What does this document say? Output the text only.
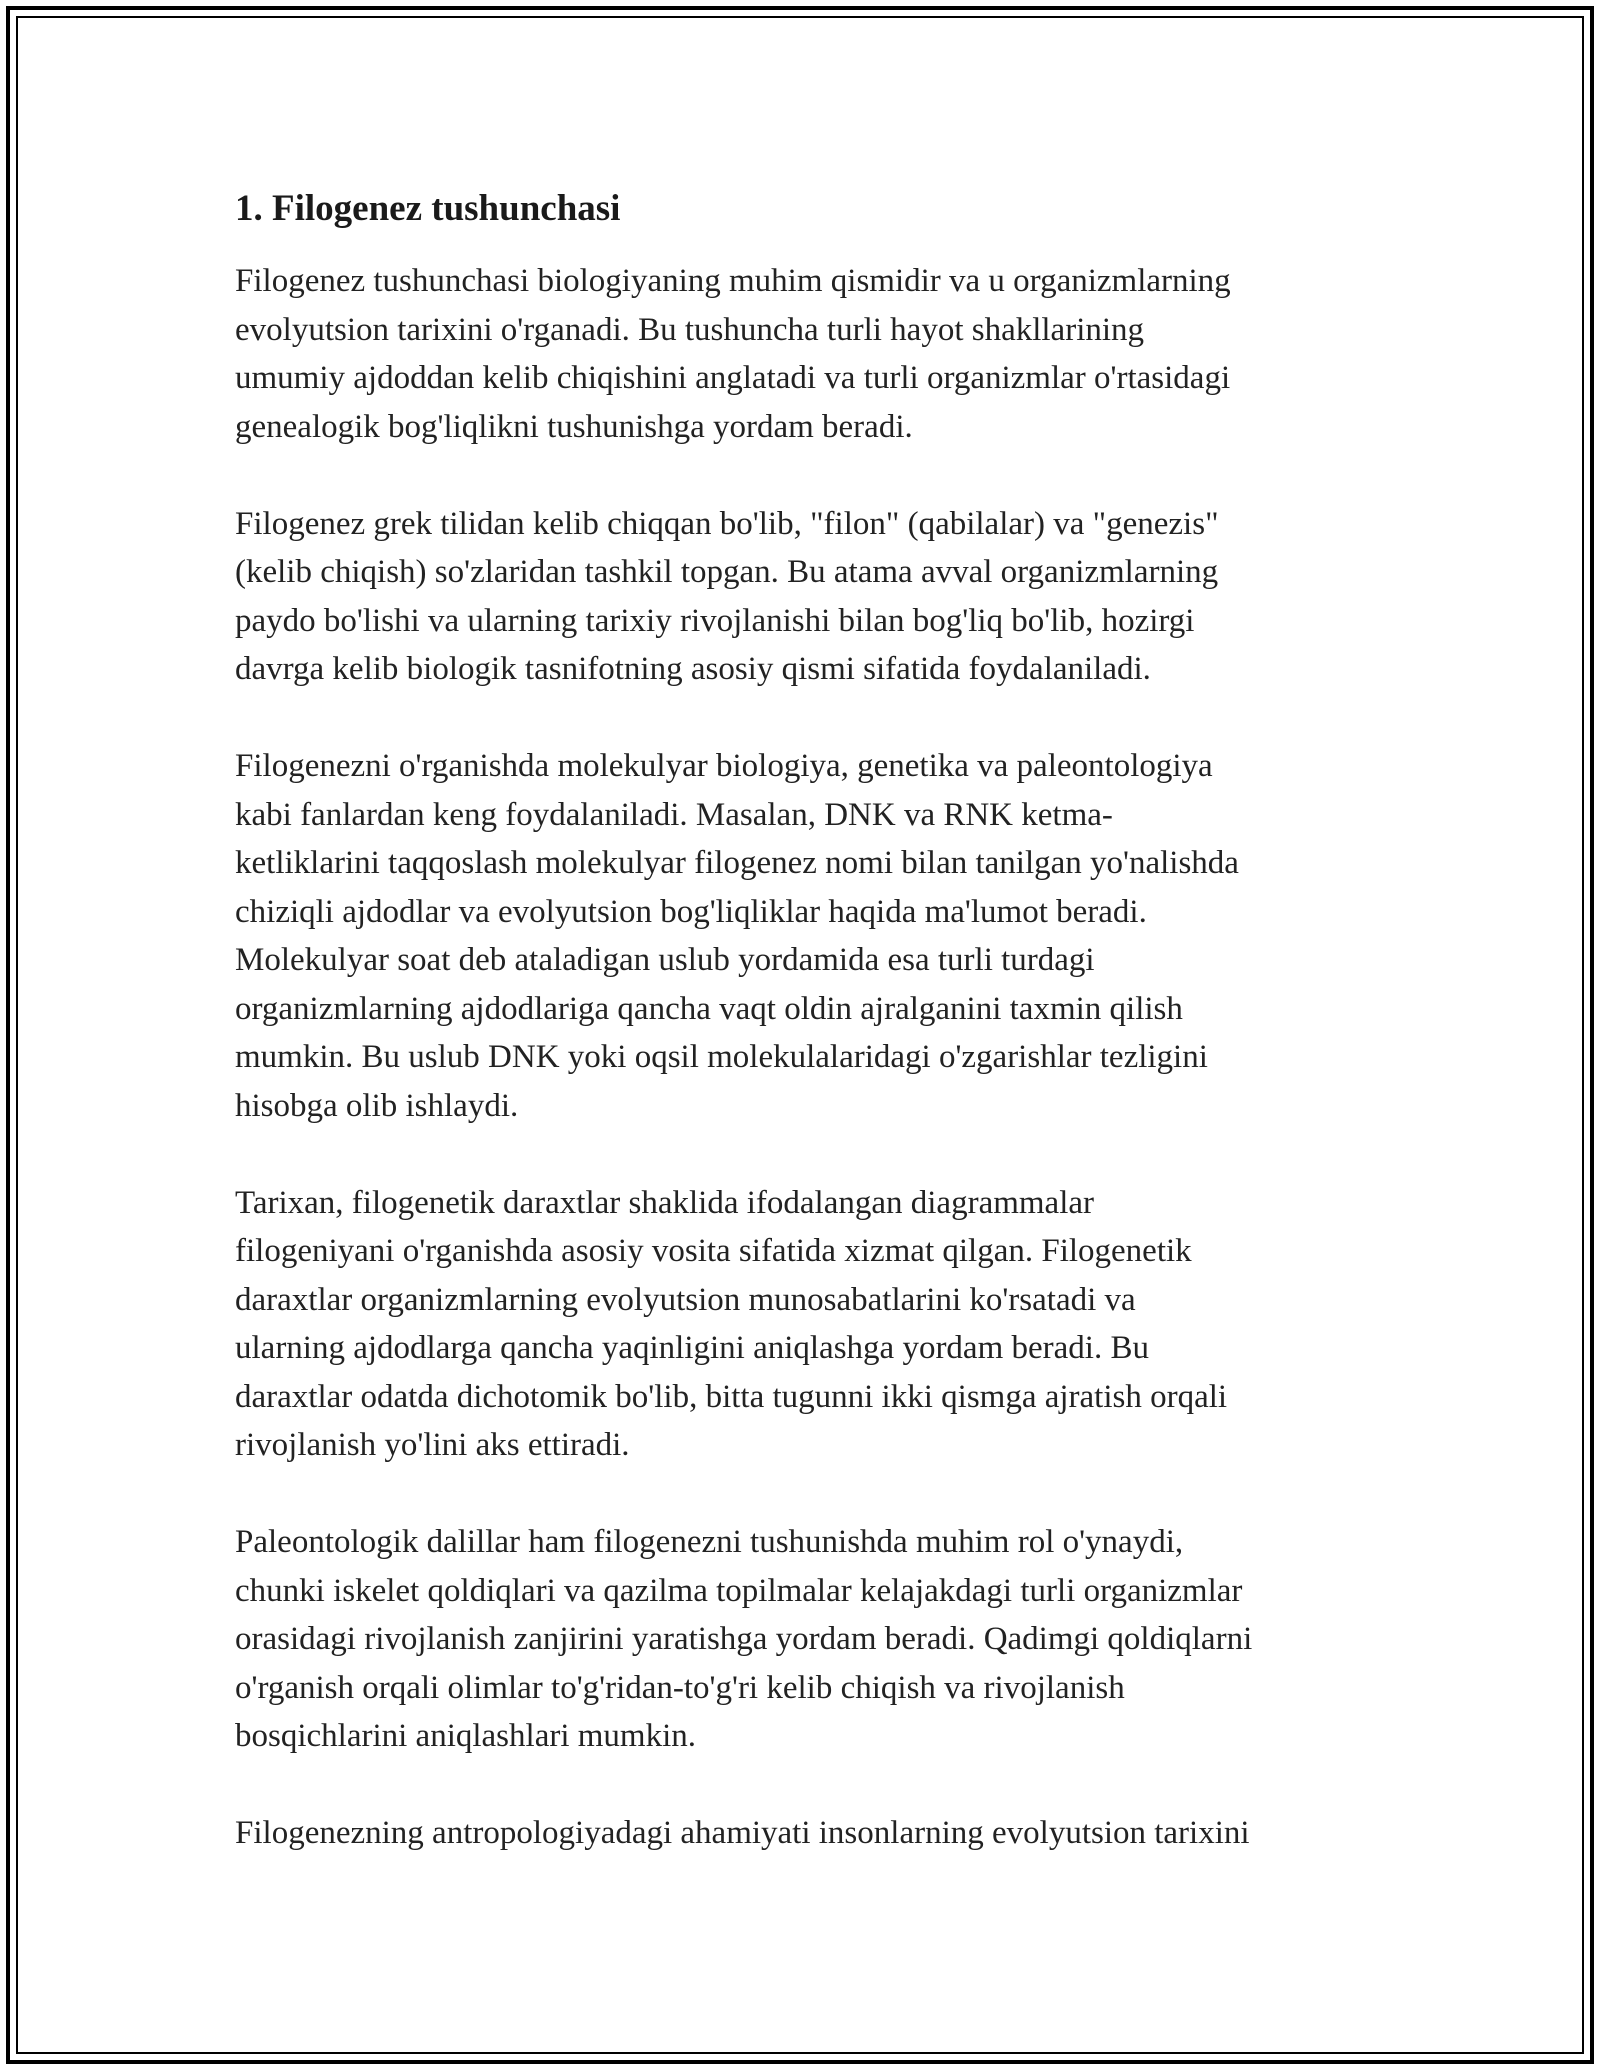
1. Filogenez tushunchasi

Filogenez tushunchasi biologiyaning muhim qismidir va u organizmlarning
evolyutsion tarixini o'rganadi. Bu tushuncha turli hayot shakllarining
umumiy ajdoddan kelib chiqishini anglatadi va turli organizmlar o'rtasidagi
genealogik bog'liqlikni tushunishga yordam beradi.

Filogenez grek tilidan kelib chiqqan bo'lib, "filon" (qabilalar) va "genezis"
(kelib chiqish) so'zlaridan tashkil topgan. Bu atama avval organizmlarning
paydo bo'lishi va ularning tarixiy rivojlanishi bilan bog'liq bo'lib, hozirgi
davrga kelib biologik tasnifotning asosiy qismi sifatida foydalaniladi.

Filogenezni o'rganishda molekulyar biologiya, genetika va paleontologiya
kabi fanlardan keng foydalaniladi. Masalan, DNK va RNK ketma-
ketliklarini taqqoslash molekulyar filogenez nomi bilan tanilgan yo'nalishda
chiziqli ajdodlar va evolyutsion bog'liqliklar haqida ma'lumot beradi.
Molekulyar soat deb ataladigan uslub yordamida esa turli turdagi
organizmlarning ajdodlariga qancha vaqt oldin ajralganini taxmin qilish
mumkin. Bu uslub DNK yoki oqsil molekulalaridagi o'zgarishlar tezligini
hisobga olib ishlaydi.

Tarixan, filogenetik daraxtlar shaklida ifodalangan diagrammalar
filogeniyani o'rganishda asosiy vosita sifatida xizmat qilgan. Filogenetik
daraxtlar organizmlarning evolyutsion munosabatlarini ko'rsatadi va
ularning ajdodlarga qancha yaqinligini aniqlashga yordam beradi. Bu
daraxtlar odatda dichotomik bo'lib, bitta tugunni ikki qismga ajratish orqali
rivojlanish yo'lini aks ettiradi.

Paleontologik dalillar ham filogenezni tushunishda muhim rol o'ynaydi,
chunki iskelet qoldiqlari va qazilma topilmalar kelajakdagi turli organizmlar
orasidagi rivojlanish zanjirini yaratishga yordam beradi. Qadimgi qoldiqlarni
o'rganish orqali olimlar to'g'ridan-to'g'ri kelib chiqish va rivojlanish
bosqichlarini aniqlashlari mumkin.

Filogenezning antropologiyadagi ahamiyati insonlarning evolyutsion tarixini
